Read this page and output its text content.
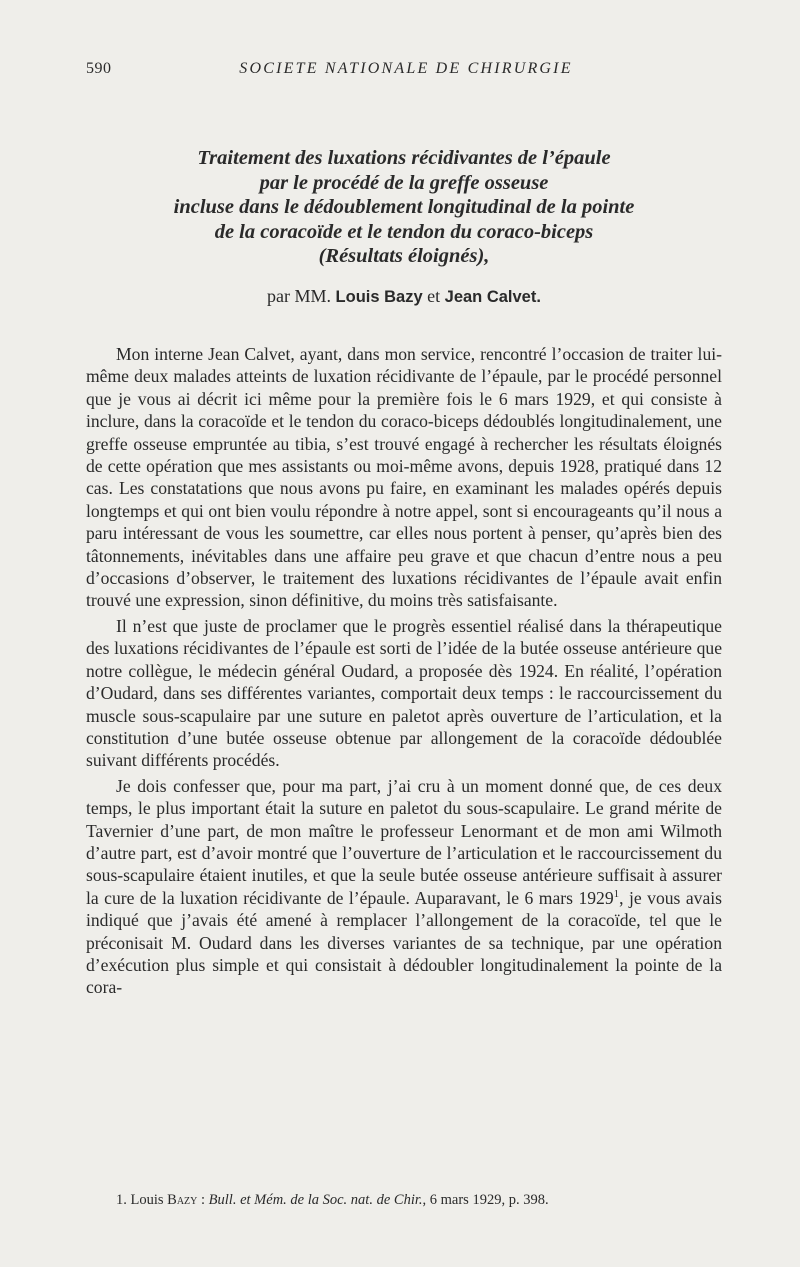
590	SOCIETE NATIONALE DE CHIRURGIE
Traitement des luxations récidivantes de l’épaule
par le procédé de la greffe osseuse
incluse dans le dédoublement longitudinal de la pointe
de la coracoïde et le tendon du coraco-biceps
(Résultats éloignés),
par MM. Louis Bazy et Jean Calvet.

Mon interne Jean Calvet, ayant, dans mon service, rencontré l’occasion de traiter lui-même deux malades atteints de luxation récidivante de l’épaule, par le procédé personnel que je vous ai décrit ici même pour la première fois le 6 mars 1929, et qui consiste à inclure, dans la coracoïde et le tendon du coraco-biceps dédoublés longitudinalement, une greffe osseuse empruntée au tibia, s’est trouvé engagé à rechercher les résultats éloignés de cette opération que mes assistants ou moi-même avons, depuis 1928, pratiqué dans 12 cas. Les constatations que nous avons pu faire, en examinant les malades opérés depuis longtemps et qui ont bien voulu répondre à notre appel, sont si encourageants qu’il nous a paru intéressant de vous les soumettre, car elles nous portent à penser, qu’après bien des tâtonnements, inévitables dans une affaire peu grave et que chacun d’entre nous a peu d’occasions d’observer, le traitement des luxations récidivantes de l’épaule avait enfin trouvé une expression, sinon définitive, du moins très satisfaisante.

Il n’est que juste de proclamer que le progrès essentiel réalisé dans la thérapeutique des luxations récidivantes de l’épaule est sorti de l’idée de la butée osseuse antérieure que notre collègue, le médecin général Oudard, a proposée dès 1924. En réalité, l’opération d’Oudard, dans ses différentes variantes, comportait deux temps : le raccourcissement du muscle sous-scapulaire par une suture en paletot après ouverture de l’articulation, et la constitution d’une butée osseuse obtenue par allongement de la coracoïde dédoublée suivant différents procédés.

Je dois confesser que, pour ma part, j’ai cru à un moment donné que, de ces deux temps, le plus important était la suture en paletot du sous-scapulaire. Le grand mérite de Tavernier d’une part, de mon maître le professeur Lenormant et de mon ami Wilmoth d’autre part, est d’avoir montré que l’ouverture de l’articulation et le raccourcissement du sous-scapulaire étaient inutiles, et que la seule butée osseuse antérieure suffisait à assurer la cure de la luxation récidivante de l’épaule. Auparavant, le 6 mars 1929$^1$, je vous avais indiqué que j’avais été amené à remplacer l’allongement de la coracoïde, tel que le préconisait M. Oudard dans les diverses variantes de sa technique, par une opération d’exécution plus simple et qui consistait à dédoubler longitudinalement la pointe de la cora-

1. Louis Bazy : Bull. et Mém. de la Soc. nat. de Chir., 6 mars 1929, p. 398.
